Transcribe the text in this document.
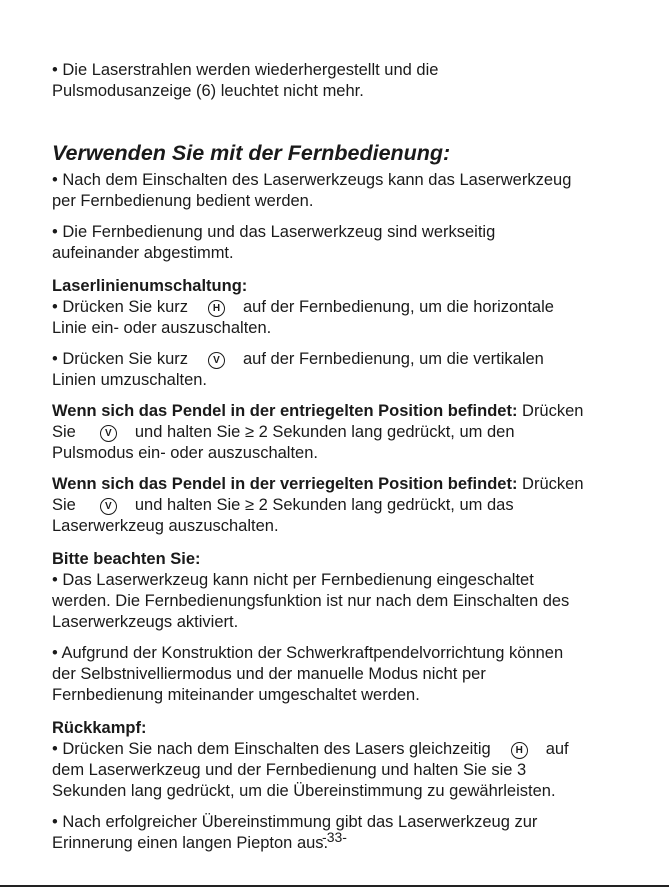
• Die Laserstrahlen werden wiederhergestellt und die

Pulsmodusanzeige (6) leuchtet nicht mehr.

Verwenden Sie mit der Fernbedienung:

• Nach dem Einschalten des Laserwerkzeugs kann das Laserwerkzeug

per Fernbedienung bedient werden.

• Die Fernbedienung und das Laserwerkzeug sind werkseitig

aufeinander abgestimmt.

Laserlinienumschaltung:

• Drücken Sie kurz H auf der Fernbedienung, um die horizontale

Linie ein- oder auszuschalten.

• Drücken Sie kurz	V auf der Fernbedienung, um die vertikalen

Linien umzuschalten.

Wenn sich das Pendel in der entriegelten Position befindet: Drücken

Sie	V und halten Sie ≥ 2 Sekunden lang gedrückt, um den

Pulsmodus ein- oder auszuschalten.

Wenn sich das Pendel in der verriegelten Position befindet: Drücken

Sie	V und halten Sie ≥ 2 Sekunden lang gedrückt, um das

Laserwerkzeug auszuschalten.

Bitte beachten Sie:

• Das Laserwerkzeug kann nicht per Fernbedienung eingeschaltet

werden. Die Fernbedienungsfunktion ist nur nach dem Einschalten des

Laserwerkzeugs aktiviert.

• Aufgrund der Konstruktion der Schwerkraftpendelvorrichtung können

der Selbstnivelliermodus und der manuelle Modus nicht per

Fernbedienung miteinander umgeschaltet werden.

Rückkampf:

• Drücken Sie nach dem Einschalten des Lasers gleichzeitig H auf

dem Laserwerkzeug und der Fernbedienung und halten Sie sie 3

Sekunden lang gedrückt, um die Übereinstimmung zu gewährleisten.

• Nach erfolgreicher Übereinstimmung gibt das Laserwerkzeug zur

Erinnerung einen langen Piepton aus.

-33-
